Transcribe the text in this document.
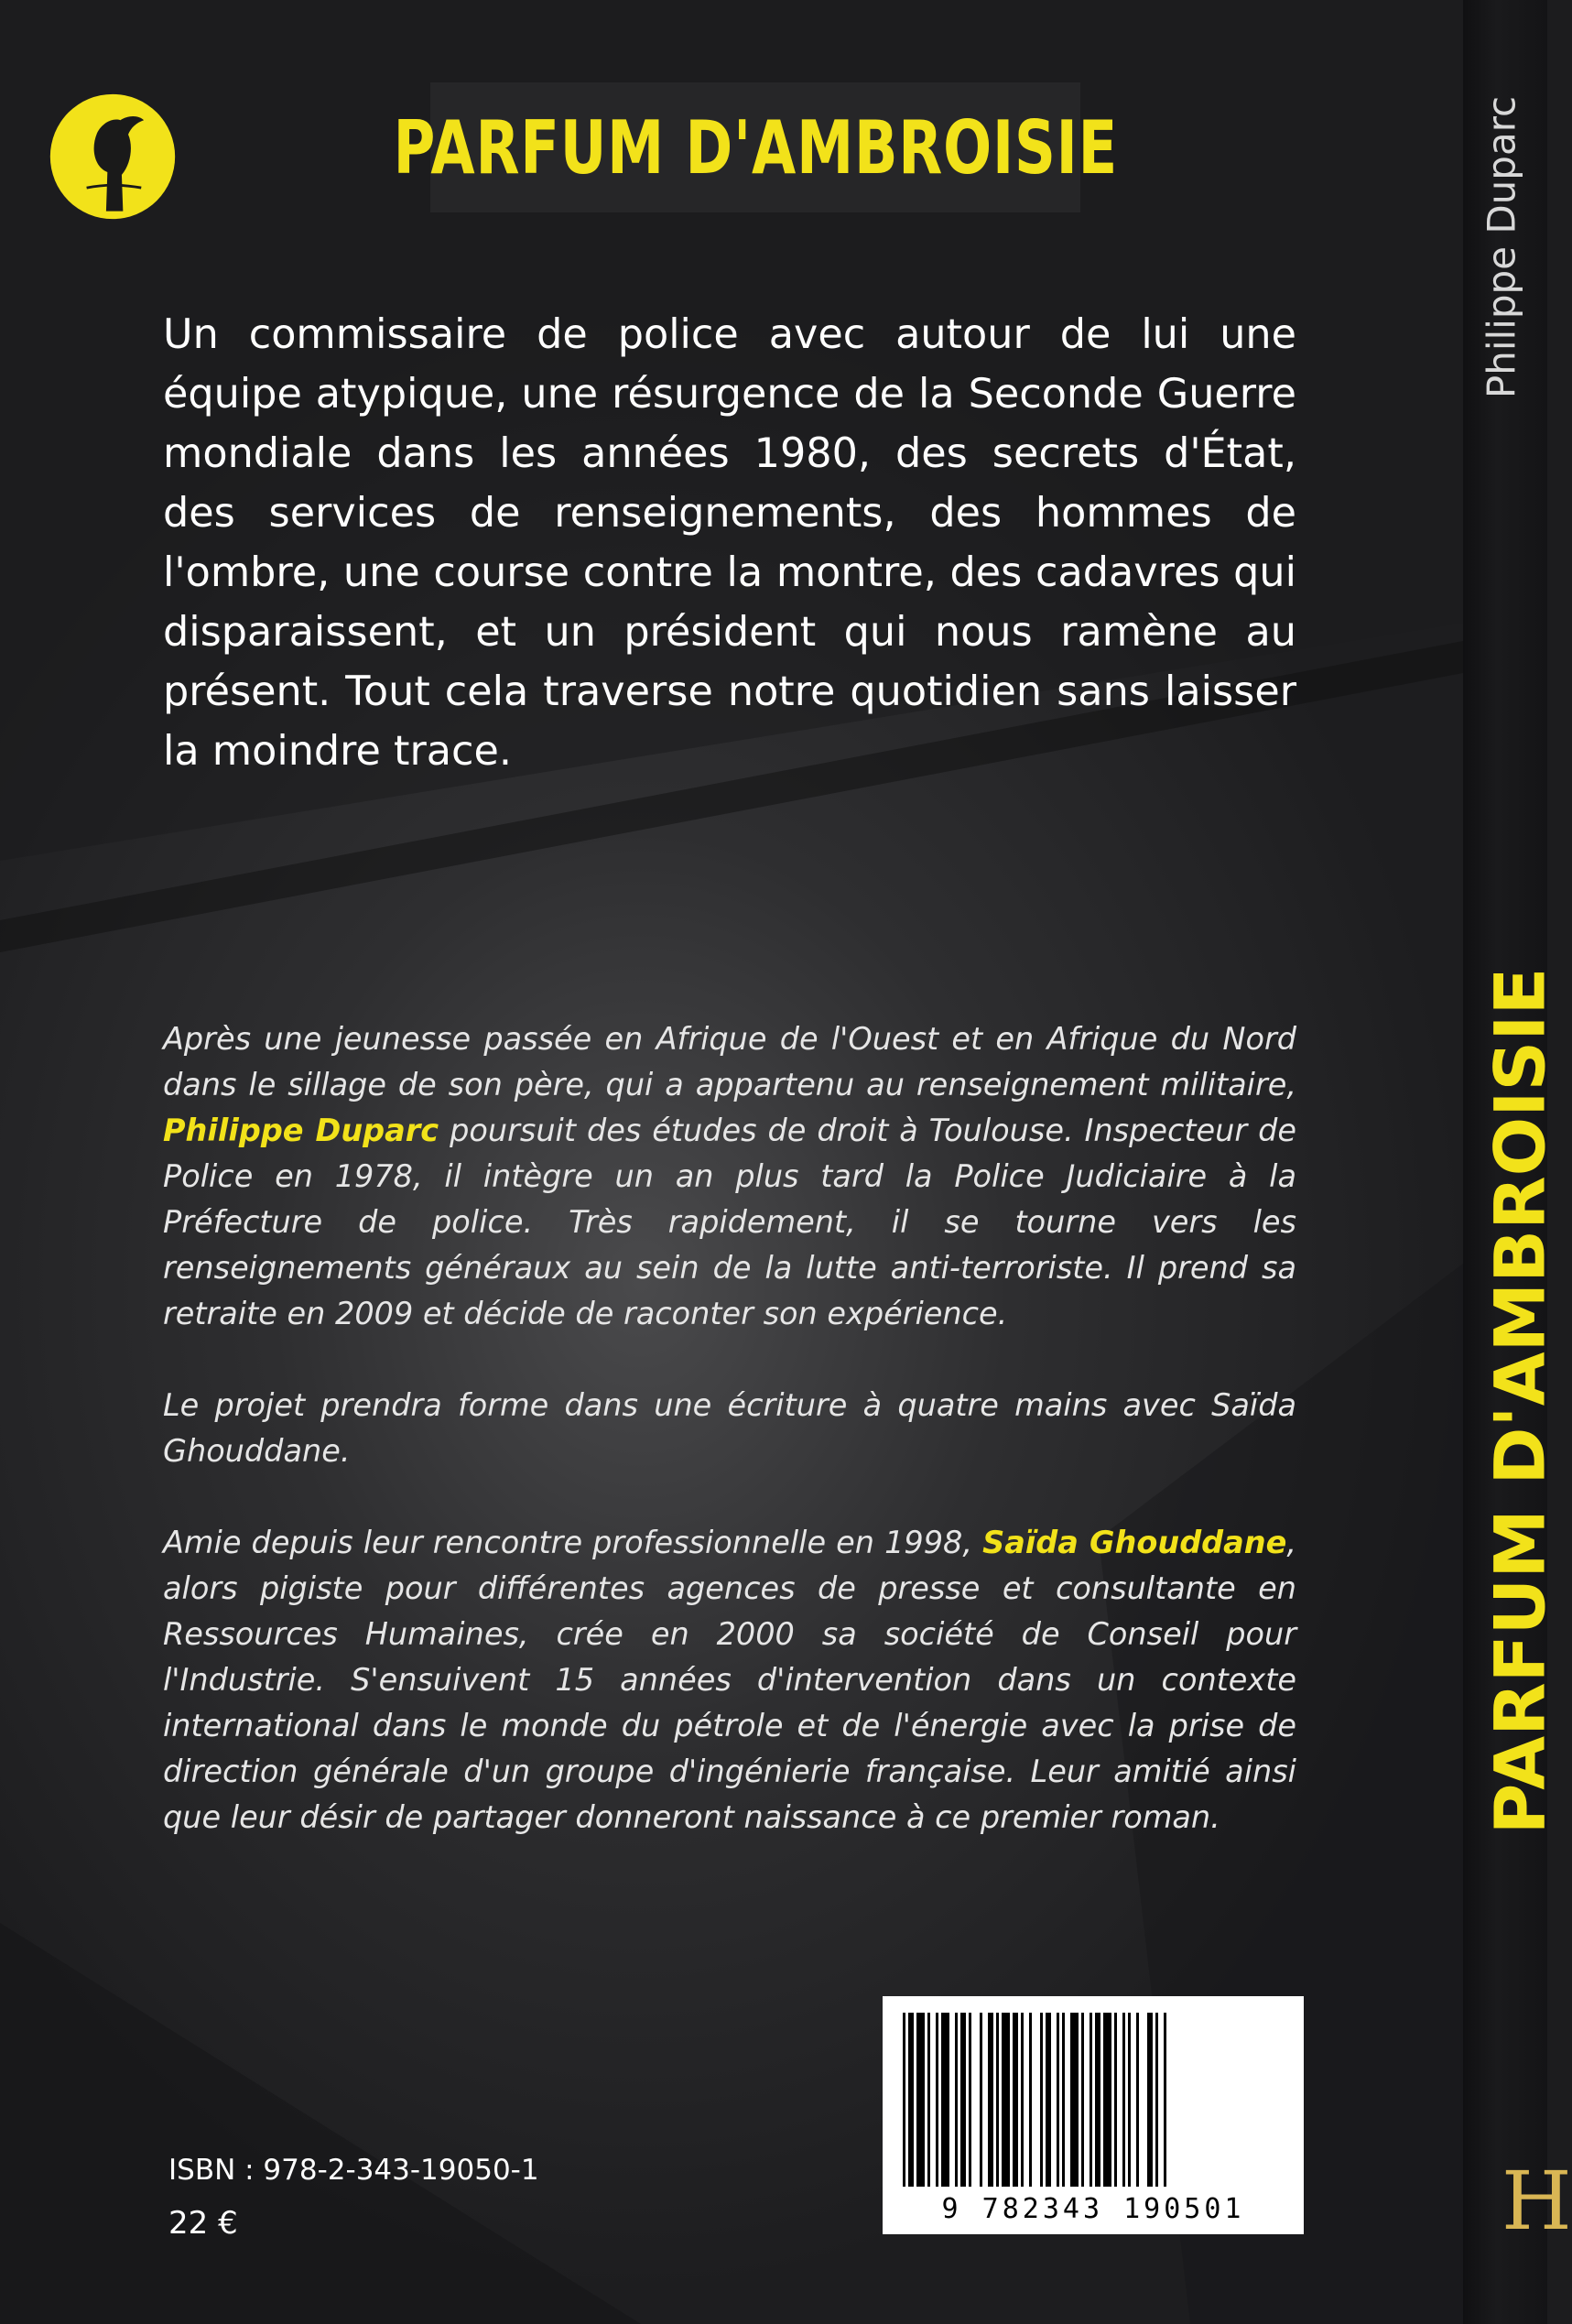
PARFUM D'AMBROISIE

Un commissaire de police avec autour de lui une équipe atypique, une résurgence de la Seconde Guerre mondiale dans les années 1980, des secrets d'État, des services de renseignements, des hommes de l'ombre, une course contre la montre, des cadavres qui disparaissent, et un président qui nous ramène au présent. Tout cela traverse notre quotidien sans laisser la moindre trace.

Après une jeunesse passée en Afrique de l'Ouest et en Afrique du Nord dans le sillage de son père, qui a appartenu au renseignement militaire, Philippe Duparc poursuit des études de droit à Toulouse. Inspecteur de Police en 1978, il intègre un an plus tard la Police Judiciaire à la Préfecture de police. Très rapidement, il se tourne vers les renseignements généraux au sein de la lutte anti-terroriste. Il prend sa retraite en 2009 et décide de raconter son expérience.

Le projet prendra forme dans une écriture à quatre mains avec Saïda Ghouddane.

Amie depuis leur rencontre professionnelle en 1998, Saïda Ghouddane, alors pigiste pour différentes agences de presse et consultante en Ressources Humaines, crée en 2000 sa société de Conseil pour l'Industrie. S'ensuivent 15 années d'intervention dans un contexte international dans le monde du pétrole et de l'énergie avec la prise de direction générale d'un groupe d'ingénierie française. Leur amitié ainsi que leur désir de partager donneront naissance à ce premier roman.

9 782343 190501
ISBN : 978-2-343-19050-1
22 €
Philippe Duparc
PARFUM D'AMBROISIE
H
